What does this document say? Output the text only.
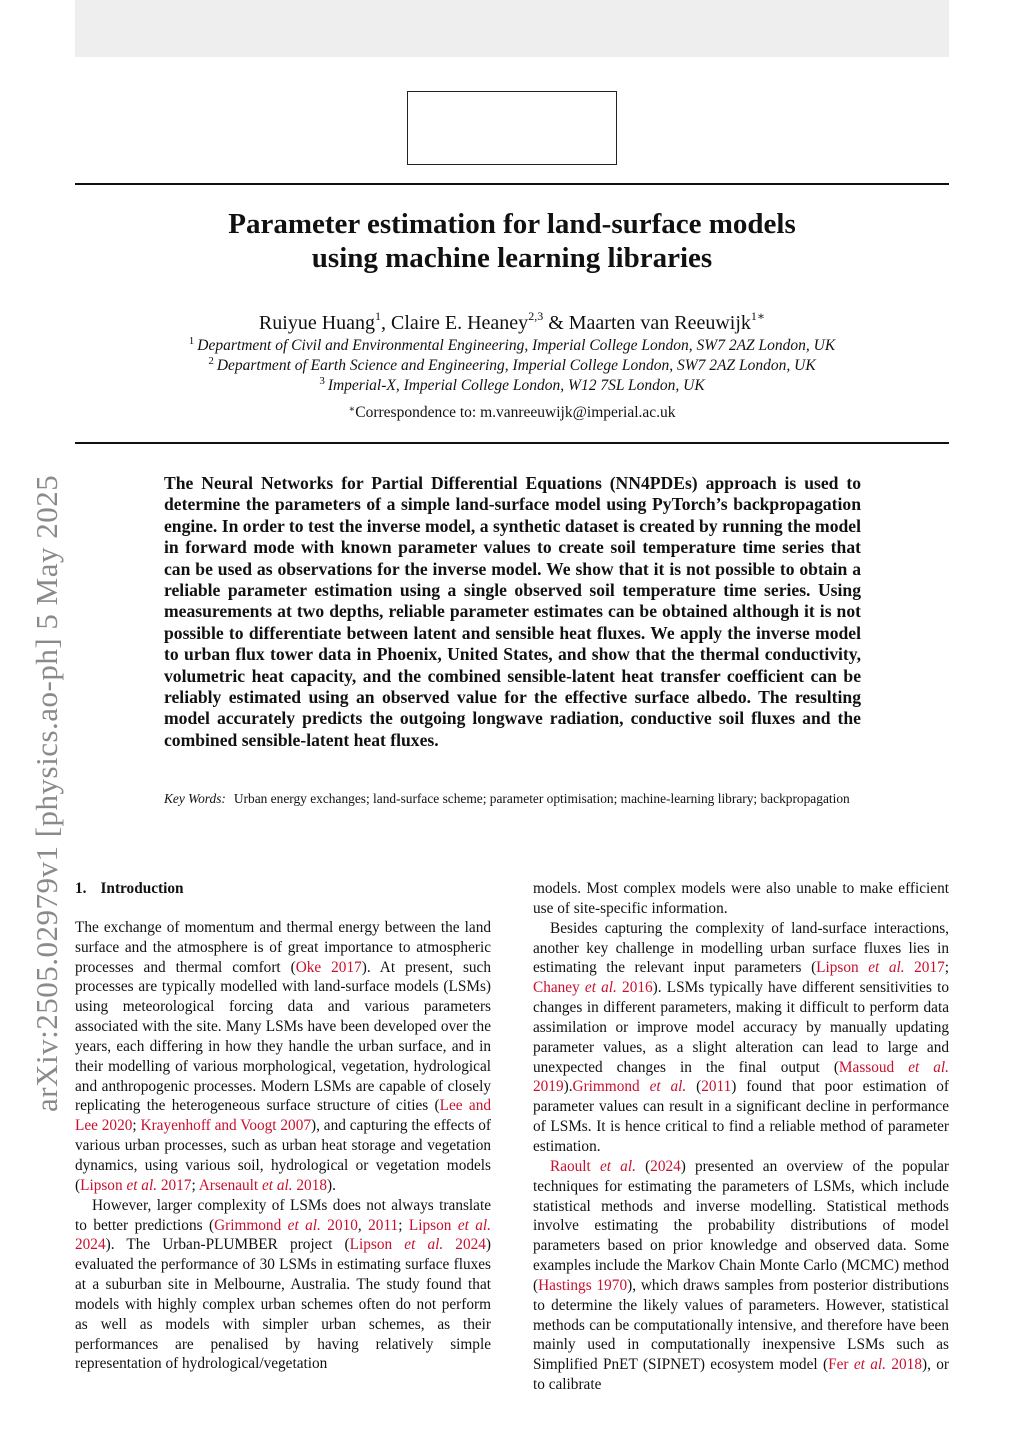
arXiv:2505.02979v1 [physics.ao-ph] 5 May 2025
Parameter estimation for land-surface models
using machine learning libraries
Ruiyue Huang$^1$, Claire E. Heaney$^{2,3}$ & Maarten van Reeuwijk$^{1∗}$
$^1$ Department of Civil and Environmental Engineering, Imperial College London, SW7 2AZ London, UK
$^2$ Department of Earth Science and Engineering, Imperial College London, SW7 2AZ London, UK
$^3$ Imperial-X, Imperial College London, W12 7SL London, UK
∗Correspondence to: m.vanreeuwijk@imperial.ac.uk
The Neural Networks for Partial Differential Equations (NN4PDEs) approach is used to determine the parameters of a simple land-surface model using PyTorch’s backpropagation engine. In order to test the inverse model, a synthetic dataset is created by running the model in forward mode with known parameter values to create soil temperature time series that can be used as observations for the inverse model. We show that it is not possible to obtain a reliable parameter estimation using a single observed soil temperature time series. Using measurements at two depths, reliable parameter estimates can be obtained although it is not possible to differentiate between latent and sensible heat fluxes. We apply the inverse model to urban flux tower data in Phoenix, United States, and show that the thermal conductivity, volumetric heat capacity, and the combined sensible-latent heat transfer coefficient can be reliably estimated using an observed value for the effective surface albedo. The resulting model accurately predicts the outgoing longwave radiation, conductive soil fluxes and the combined sensible-latent heat fluxes.
Key Words: Urban energy exchanges; land-surface scheme; parameter optimisation; machine-learning library; backpropagation
1. Introduction

The exchange of momentum and thermal energy between the land surface and the atmosphere is of great importance to atmospheric processes and thermal comfort (Oke 2017). At present, such processes are typically modelled with land-surface models (LSMs) using meteorological forcing data and various parameters associated with the site. Many LSMs have been developed over the years, each differing in how they handle the urban surface, and in their modelling of various morphological, vegetation, hydrological and anthropogenic processes. Modern LSMs are capable of closely replicating the heterogeneous surface structure of cities (Lee and Lee 2020; Krayenhoff and Voogt 2007), and capturing the effects of various urban processes, such as urban heat storage and vegetation dynamics, using various soil, hydrological or vegetation models (Lipson et al. 2017; Arsenault et al. 2018).

However, larger complexity of LSMs does not always translate to better predictions (Grimmond et al. 2010, 2011; Lipson et al. 2024). The Urban-PLUMBER project (Lipson et al. 2024) evaluated the performance of 30 LSMs in estimating surface fluxes at a suburban site in Melbourne, Australia. The study found that models with highly complex urban schemes often do not perform as well as models with simpler urban schemes, as their performances are penalised by having relatively simple representation of hydrological/vegetation

models. Most complex models were also unable to make efficient use of site-specific information.

Besides capturing the complexity of land-surface interactions, another key challenge in modelling urban surface fluxes lies in estimating the relevant input parameters (Lipson et al. 2017; Chaney et al. 2016). LSMs typically have different sensitivities to changes in different parameters, making it difficult to perform data assimilation or improve model accuracy by manually updating parameter values, as a slight alteration can lead to large and unexpected changes in the final output (Massoud et al. 2019).Grimmond et al. (2011) found that poor estimation of parameter values can result in a significant decline in performance of LSMs. It is hence critical to find a reliable method of parameter estimation.

Raoult et al. (2024) presented an overview of the popular techniques for estimating the parameters of LSMs, which include statistical methods and inverse modelling. Statistical methods involve estimating the probability distributions of model parameters based on prior knowledge and observed data. Some examples include the Markov Chain Monte Carlo (MCMC) method (Hastings 1970), which draws samples from posterior distributions to determine the likely values of parameters. However, statistical methods can be computationally intensive, and therefore have been mainly used in computationally inexpensive LSMs such as Simplified PnET (SIPNET) ecosystem model (Fer et al. 2018), or to calibrate
